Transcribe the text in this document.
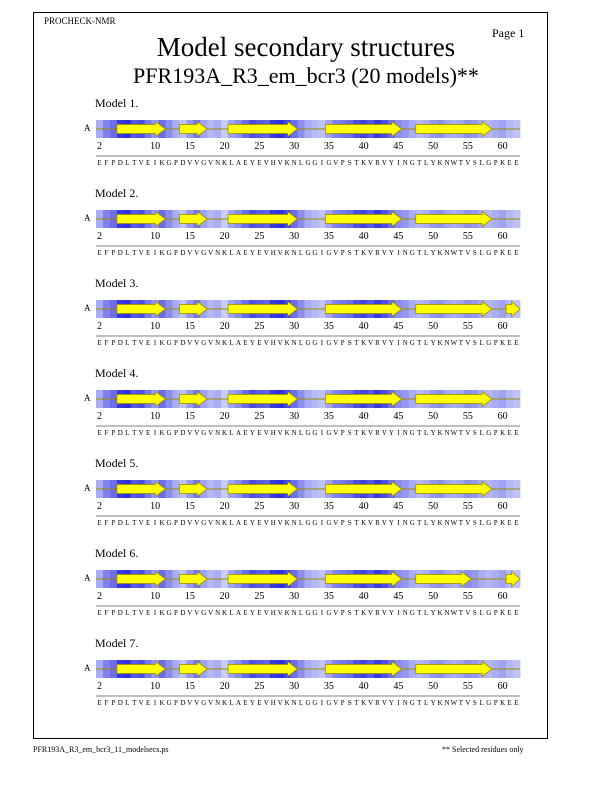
PROCHECK-NMR
Page 1
Model secondary structures
PFR193A_R3_em_bcr3 (20 models)**
Model 1.
A
2	10 15 20 25 30 35 40 45 50 55 60
E F P D L T V E I K G P D V V G V N K L A E Y E V H V K N L G G I G V P S T K V R V Y I N G T L Y K N W T V S L G P K E E
Model 2.
A
2	10 15 20 25 30 35 40 45 50 55 60
E F P D L T V E I K G P D V V G V N K L A E Y E V H V K N L G G I G V P S T K V R V Y I N G T L Y K N W T V S L G P K E E
Model 3.
A
2	10 15 20 25 30 35 40 45 50 55 60
E F P D L T V E I K G P D V V G V N K L A E Y E V H V K N L G G I G V P S T K V R V Y I N G T L Y K N W T V S L G P K E E
Model 4.
A
2	10 15 20 25 30 35 40 45 50 55 60
E F P D L T V E I K G P D V V G V N K L A E Y E V H V K N L G G I G V P S T K V R V Y I N G T L Y K N W T V S L G P K E E
Model 5.
A
2	10 15 20 25 30 35 40 45 50 55 60
E F P D L T V E I K G P D V V G V N K L A E Y E V H V K N L G G I G V P S T K V R V Y I N G T L Y K N W T V S L G P K E E
Model 6.
A
2	10 15 20 25 30 35 40 45 50 55 60
E F P D L T V E I K G P D V V G V N K L A E Y E V H V K N L G G I G V P S T K V R V Y I N G T L Y K N W T V S L G P K E E
Model 7.
A
2	10 15 20 25 30 35 40 45 50 55 60
E F P D L T V E I K G P D V V G V N K L A E Y E V H V K N L G G I G V P S T K V R V Y I N G T L Y K N W T V S L G P K E E
PFR193A_R3_em_bcr3_11_modelsecs.ps	** Selected residues only
